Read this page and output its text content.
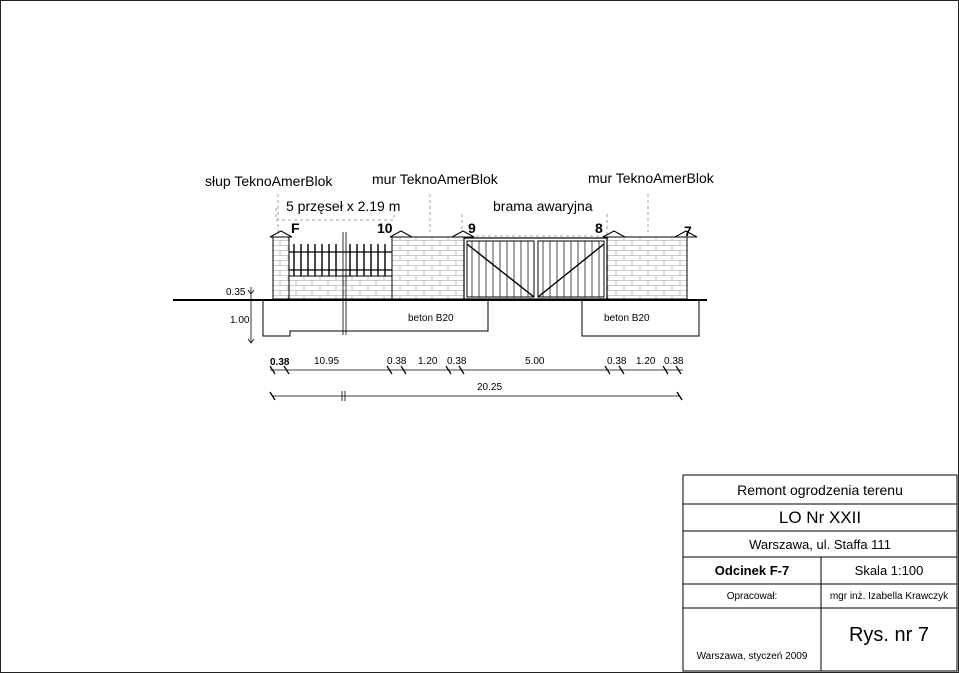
słup TeknoAmerBlok	mur TeknoAmerBlok	mur TeknoAmerBlok
5 przęseł x 2.19 m	brama awaryjna
F	10	9	8	7
0.35
1.00	beton B20	beton B20
0.38 10.95	0.38 1.20 0.38	5.00	0.38 1.20 0.38
20.25
Remont ogrodzenia terenu
LO Nr XXII
Warszawa, ul. Staffa 111
Odcinek F-7	Skala 1:100
Opracował:	mgr inż. Izabella Krawczyk
Warszawa, styczeń 2009
Rys. nr 7
